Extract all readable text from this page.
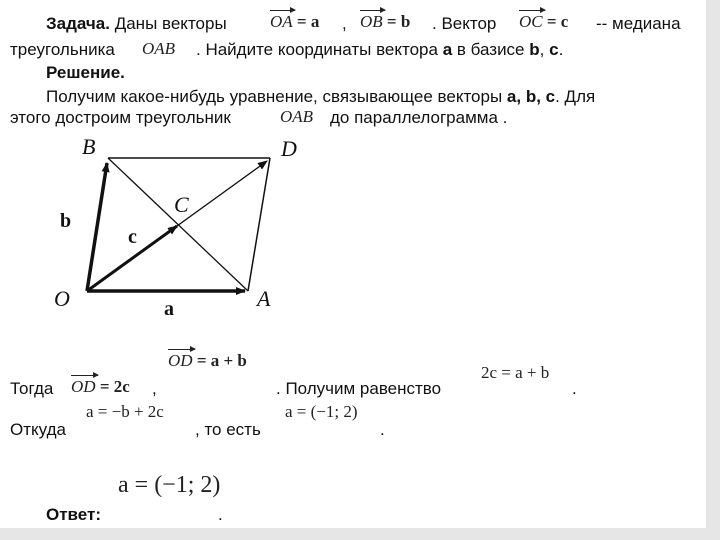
Задача. Даны векторы	OA = a , OB = b . Вектор OC = c -- медиана
треугольника OAB . Найдите координаты вектора a в базисе b, c.
Решение.
Получим какое-нибудь уравнение, связывающее векторы a, b, c. Для
этого достроим треугольник	OAB до параллелограмма .
B	D
C
O	A
b
c
a
OD = a + b
Тогда OD = 2c ,	. Получим равенство
2c = a + b
.
Откуда
a = −b + 2c
, то есть
a = (−1; 2)
.
a = (−1; 2)
Ответ:	.
